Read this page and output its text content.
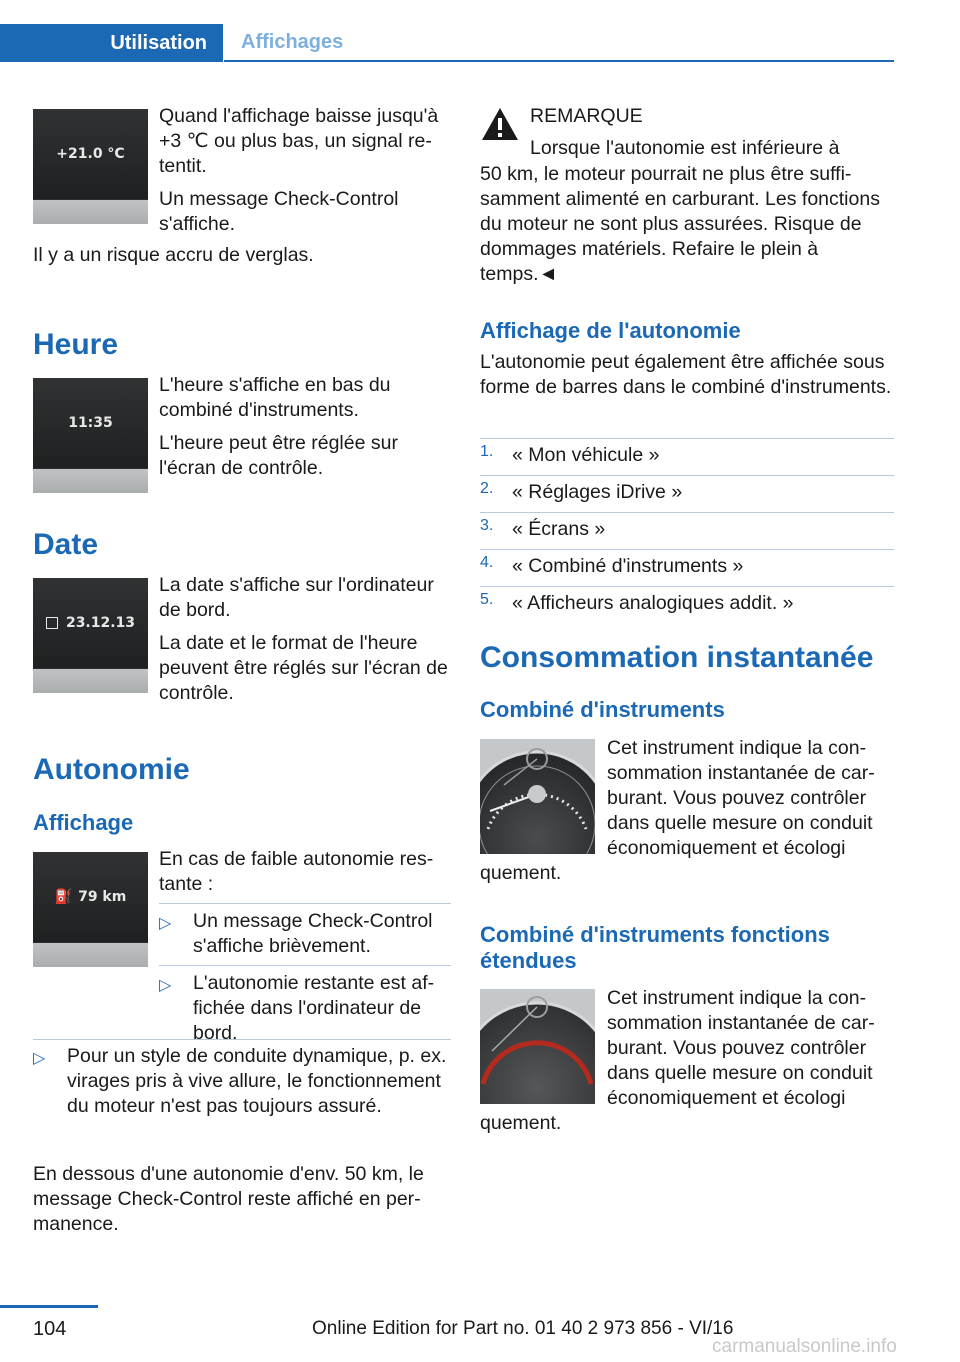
Utilisation	Affichages
+21.0 °C

Quand l'affichage baisse jusqu'à +3 ℃ ou plus bas, un signal retentit.

Un message Check-Control s'affiche.

Il y a un risque accru de verglas.

Heure
11:35

L'heure s'affiche en bas du combiné d'instruments.

L'heure peut être réglée sur l'écran de contrôle.

Date
23.12.13

La date s'affiche sur l'ordinateur de bord.

La date et le format de l'heure peuvent être réglés sur l'écran de contrôle.

Autonomie
Affichage
⛽ 79 km

En cas de faible autonomie restante :

▷ Un message Check-Control s'affiche brièvement.

▷ L'autonomie restante est affichée dans l'ordinateur de bord.

▷ Pour un style de conduite dynamique, p. ex. virages pris à vive allure, le fonctionnement du moteur n'est pas toujours assuré.

En dessous d'une autonomie d'env. 50 km, le message Check-Control reste affiché en permanence.

REMARQUE

Lorsque l'autonomie est inférieure à

50 km, le moteur pourrait ne plus être suffisamment alimenté en carburant. Les fonctions du moteur ne sont plus assurées. Risque de dommages matériels. Refaire le plein à temps.◄

Affichage de l'autonomie

L'autonomie peut également être affichée sous forme de barres dans le combiné d'instruments.

1. « Mon véhicule »

2. « Réglages iDrive »

3. « Écrans »

4. « Combiné d'instruments »

5. « Afficheurs analogiques addit. »

Consommation instantanée
Combiné d'instruments

Cet instrument indique la consommation instantanée de carburant. Vous pouvez contrôler dans quelle mesure on conduit économiquement et écologi

quement.

Combiné d'instruments fonctions étendues

Cet instrument indique la consommation instantanée de carburant. Vous pouvez contrôler dans quelle mesure on conduit économiquement et écologi

quement.

104	Online Edition for Part no. 01 40 2 973 856 - VI/16
carmanualsonline.info
